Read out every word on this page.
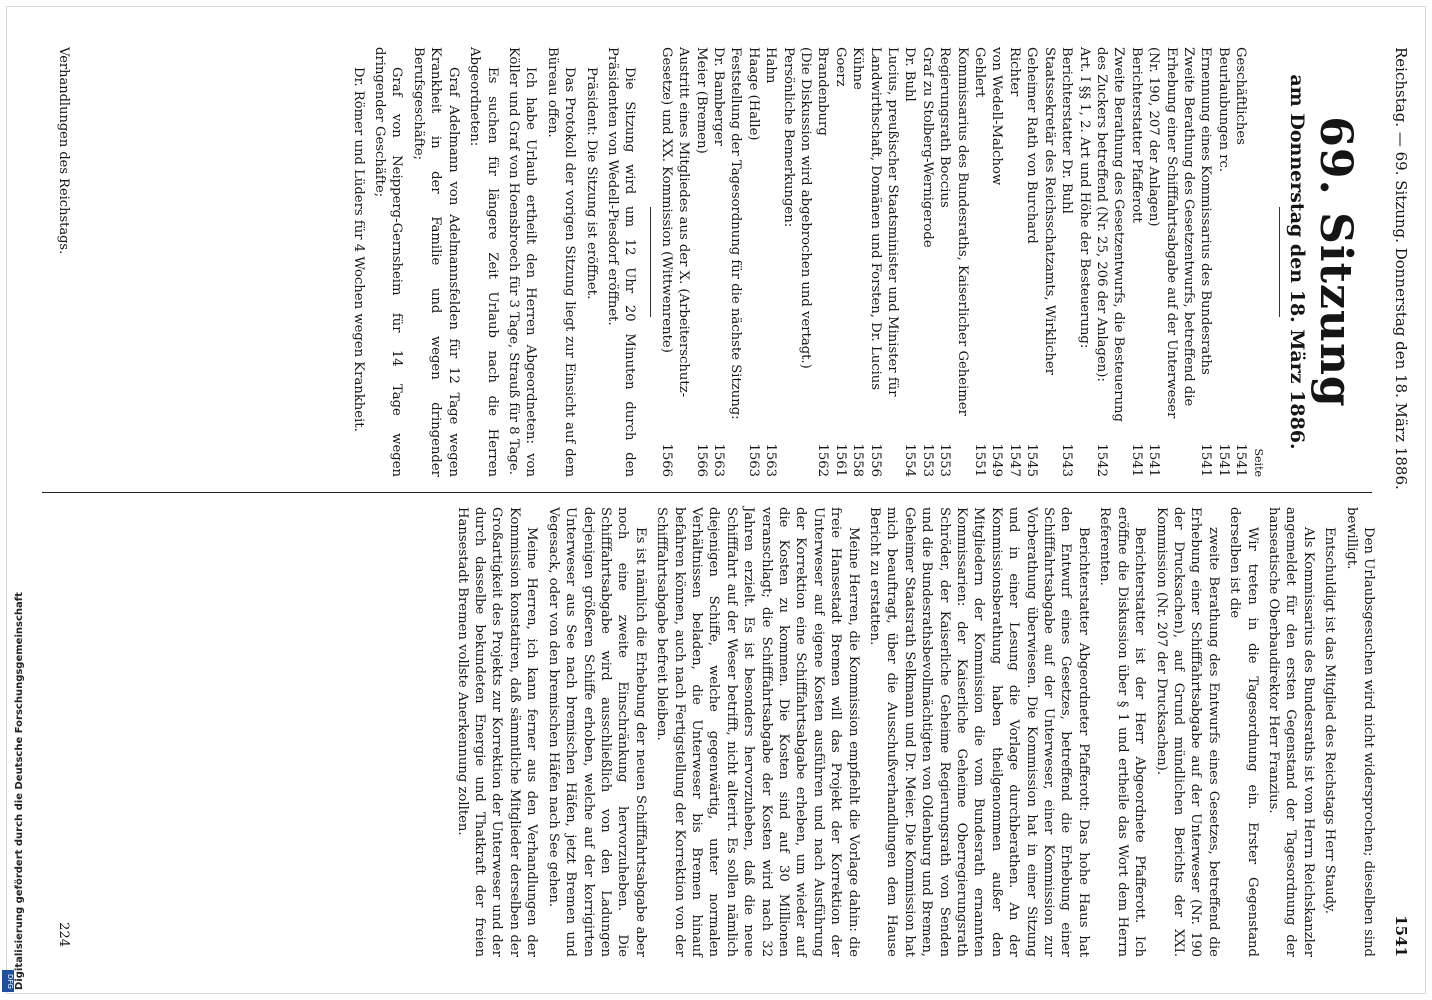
Reichstag. — 69. Sitzung. Donnerstag den 18. März 1886.
1541
69. Sitzung
am Donnerstag den 18. März 1886.
Seite
Geschäftliches
1541
Beurlaubungen rc.
1541
Ernennung eines Kommissarius des Bundesraths
1541
Zweite Berathung des Gesetzentwurfs, betreffend die Erhebung einer Schifffahrtsabgabe auf der Unterweser (Nr. 190, 207 der Anlagen)
1541
Berichterstatter Pfafferott
1541
Zweite Berathung des Gesetzentwurfs, die Besteuerung des Zuckers betreffend (Nr. 25, 206 der Anlagen):
1542
Art. I §§ 1, 2. Art und Höhe der Besteuerung:
Berichterstatter Dr. Buhl
1543
Staatssekretär des Reichsschatzamts, Wirklicher Geheimer Rath von Burchard
1545
Richter
1547
von Wedell-Malchow
1549
Gehlert
1551
Kommissarius des Bundesraths, Kaiserlicher Geheimer Regierungsrath Boccius
1553
Graf zu Stolberg-Wernigerode
1553
Dr. Buhl
1554
Lucius, preußischer Staatsminister und Minister für Landwirthschaft, Domänen und Forsten, Dr. Lucius
1556
Kühne
1558
Goerz
1561
Brandenburg
1562
(Die Diskussion wird abgebrochen und vertagt.)
Persönliche Bemerkungen:
Hahn
1563
Haage (Halle)
1563
Feststellung der Tagesordnung für die nächste Sitzung:
Dr. Bamberger
1563
Meier (Bremen)
1566
Austritt eines Mitgliedes aus der X. (Arbeiterschutz-Gesetze) und XX. Kommission (Wittwenrente)
1566

Die Sitzung wird um 12 Uhr 20 Minuten durch den Präsidenten von Wedell-Piesdorf eröffnet.

Präsident: Die Sitzung ist eröffnet.

Das Protokoll der vorigen Sitzung liegt zur Einsicht auf dem Büreau offen.

Ich habe Urlaub ertheilt den Herren Abgeordneten: von Köller und Graf von Hoensbroech für 3 Tage, Strauß für 8 Tage.

Es suchen für längere Zeit Urlaub nach die Herren Abgeordneten:

Graf Adelmann von Adelmannsfelden für 12 Tage wegen Krankheit in der Familie und wegen dringender Berufsgeschäfte;

Graf von Neipperg-Gernsheim für 14 Tage wegen dringender Geschäfte;

Dr. Römer und Lüders für 4 Wochen wegen Krankheit.

Den Urlaubsgesuchen wird nicht widersprochen; dieselben sind bewilligt.

Entschuldigt ist das Mitglied des Reichstags Herr Staudy.

Als Kommissarius des Bundesraths ist vom Herrn Reichskanzler angemeldet für den ersten Gegenstand der Tagesordnung der hanseatische Oberbaudirektor Herr Franzius.

Wir treten in die Tagesordnung ein. Erster Gegenstand derselben ist die

zweite Berathung des Entwurfs eines Gesetzes, betreffend die Erhebung einer Schifffahrtsabgabe auf der Unterweser (Nr. 190 der Drucksachen), auf Grund mündlichen Berichts der XXI. Kommission (Nr. 207 der Drucksachen).

Berichterstatter ist der Herr Abgeordnete Pfafferott. Ich eröffne die Diskussion über § 1 und ertheile das Wort dem Herrn Referenten.

Berichterstatter Abgeordneter Pfafferott: Das hohe Haus hat den Entwurf eines Gesetzes, betreffend die Erhebung einer Schifffahrtsabgabe auf der Unterweser, einer Kommission zur Vorberathung überwiesen. Die Kommission hat in einer Sitzung und in einer Lesung die Vorlage durchberathen. An der Kommissionsberathung haben theilgenommen außer den Mitgliedern der Kommission die vom Bundesrath ernannten Kommissarien: der Kaiserliche Geheime Oberregierungsrath Schröder, der Kaiserliche Geheime Regierungsrath von Senden und die Bundesrathsbevollmächtigten von Oldenburg und Bremen, Geheimer Staatsrath Selkmann und Dr. Meier. Die Kommission hat mich beauftragt, über die Ausschußverhandlungen dem Hause Bericht zu erstatten.

Meine Herren, die Kommission empfiehlt die Vorlage dahin: die freie Hansestadt Bremen will das Projekt der Korrektion der Unterweser auf eigene Kosten ausführen und nach Ausführung der Korrektion eine Schifffahrtsabgabe erheben, um wieder auf die Kosten zu kommen. Die Kosten sind auf 30 Millionen veranschlagt; die Schifffahrtsabgabe der Kosten wird nach 32 Jahren erzielt. Es ist besonders hervorzuheben, daß die neue Schifffahrt auf der Weser betrifft, nicht alterirt. Es sollen nämlich diejenigen Schiffe, welche gegenwärtig, unter normalen Verhältnissen beladen, die Unterweser bis Bremen hinauf befahren können, auch nach Fertigstellung der Korrektion von der Schifffahrtsabgabe befreit bleiben.

Es ist nämlich die Erhebung der neuen Schifffahrtsabgabe aber noch eine zweite Einschränkung hervorzuheben. Die Schifffahrtsabgabe wird ausschließlich von den Ladungen derjenigen größeren Schiffe erhoben, welche auf der korrigirten Unterweser aus See nach bremischen Häfen, jetzt Bremen und Vegesack, oder von den bremischen Häfen nach See gehen.

Meine Herren, ich kann ferner aus den Verhandlungen der Kommission konstatiren, daß sämmtliche Mitglieder derselben der Großartigkeit des Projekts zur Korrektion der Unterweser und der durch dasselbe bekundeten Energie und Thatkraft der freien Hansestadt Bremen vollste Anerkennung zollten.

Verhandlungen des Reichstags.
224
Digitalisierung gefördert durch die Deutsche Forschungsgemeinschaft
DFG
